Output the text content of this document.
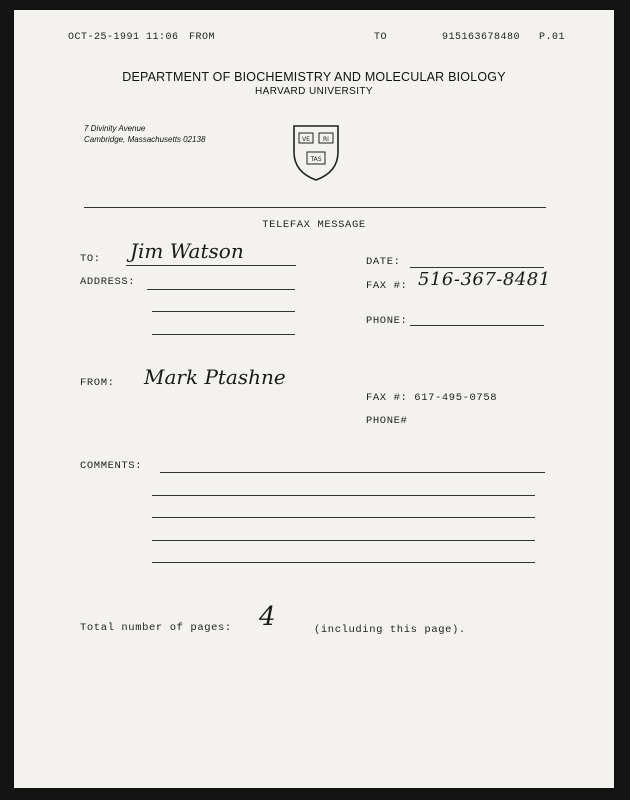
OCT-25-1991 11:06 FROM	TO	915163678480 P.01
DEPARTMENT OF BIOCHEMISTRY AND MOLECULAR BIOLOGY
HARVARD UNIVERSITY
7 Divinity Avenue
Cambridge, Massachusetts 02138	VE RI
TAS
TELEFAX MESSAGE
TO: Jim Watson
ADDRESS:
DATE:
FAX #: 516-367-8481
PHONE:
FROM: Mark Ptashne
FAX #: 617-495-0758
PHONE#
COMMENTS:
Total number of pages: 4	(including this page).
